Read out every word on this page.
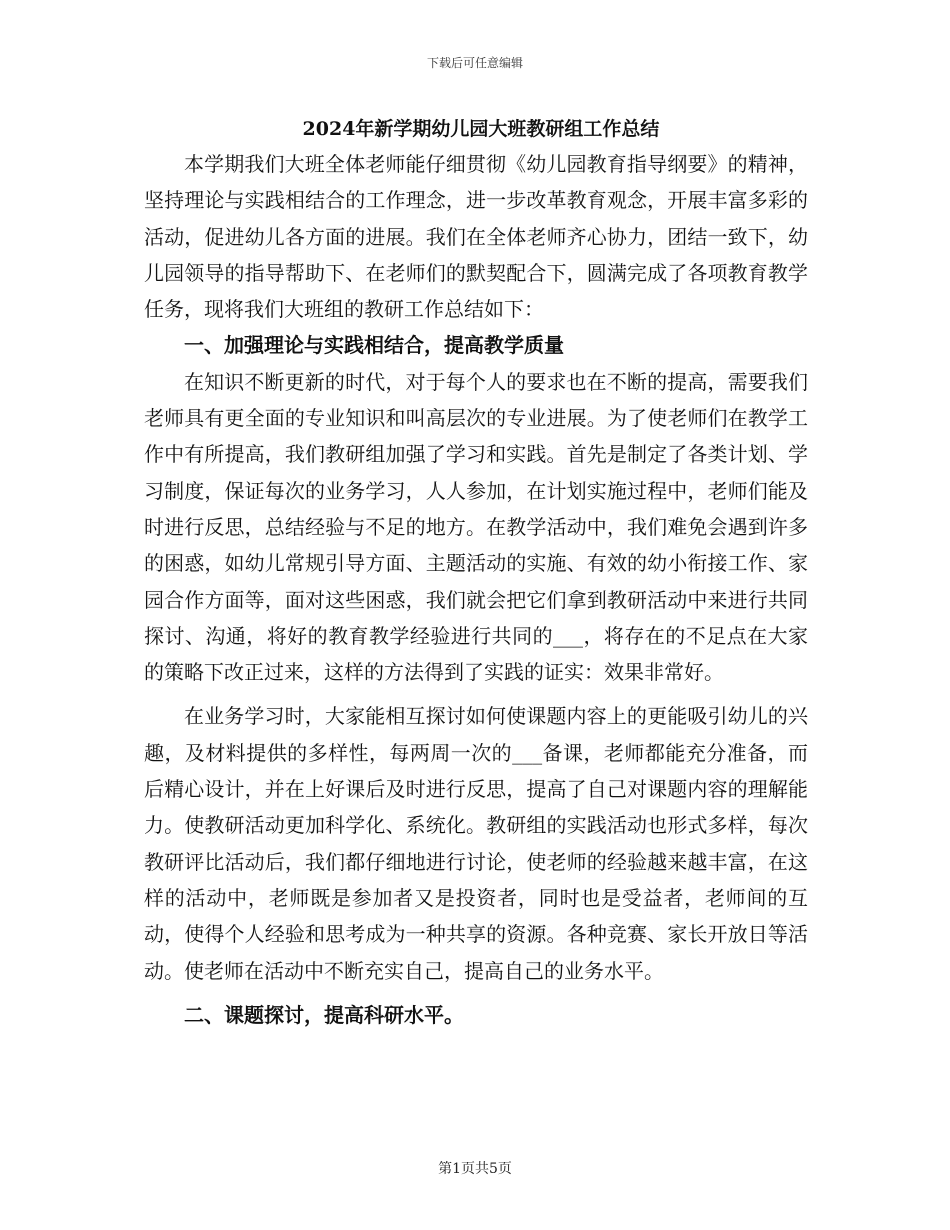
下载后可任意编辑
2024年新学期幼儿园大班教研组工作总结

本学期我们大班全体老师能仔细贯彻《幼儿园教育指导纲要》的精神，坚持理论与实践相结合的工作理念，进一步改革教育观念，开展丰富多彩的活动，促进幼儿各方面的进展。我们在全体老师齐心协力，团结一致下，幼儿园领导的指导帮助下、在老师们的默契配合下，圆满完成了各项教育教学任务，现将我们大班组的教研工作总结如下：

一、加强理论与实践相结合，提高教学质量

在知识不断更新的时代，对于每个人的要求也在不断的提高，需要我们老师具有更全面的专业知识和叫高层次的专业进展。为了使老师们在教学工作中有所提高，我们教研组加强了学习和实践。首先是制定了各类计划、学习制度，保证每次的业务学习，人人参加，在计划实施过程中，老师们能及时进行反思，总结经验与不足的地方。在教学活动中，我们难免会遇到许多的困惑，如幼儿常规引导方面、主题活动的实施、有效的幼小衔接工作、家园合作方面等，面对这些困惑，我们就会把它们拿到教研活动中来进行共同探讨、沟通，将好的教育教学经验进行共同的___，将存在的不足点在大家的策略下改正过来，这样的方法得到了实践的证实：效果非常好。

在业务学习时，大家能相互探讨如何使课题内容上的更能吸引幼儿的兴趣，及材料提供的多样性，每两周一次的___备课，老师都能充分准备，而后精心设计，并在上好课后及时进行反思，提高了自己对课题内容的理解能力。使教研活动更加科学化、系统化。教研组的实践活动也形式多样，每次教研评比活动后，我们都仔细地进行讨论，使老师的经验越来越丰富，在这样的活动中，老师既是参加者又是投资者，同时也是受益者，老师间的互动，使得个人经验和思考成为一种共享的资源。各种竞赛、家长开放日等活动。使老师在活动中不断充实自己，提高自己的业务水平。

二、课题探讨，提高科研水平。

第1页共5页
